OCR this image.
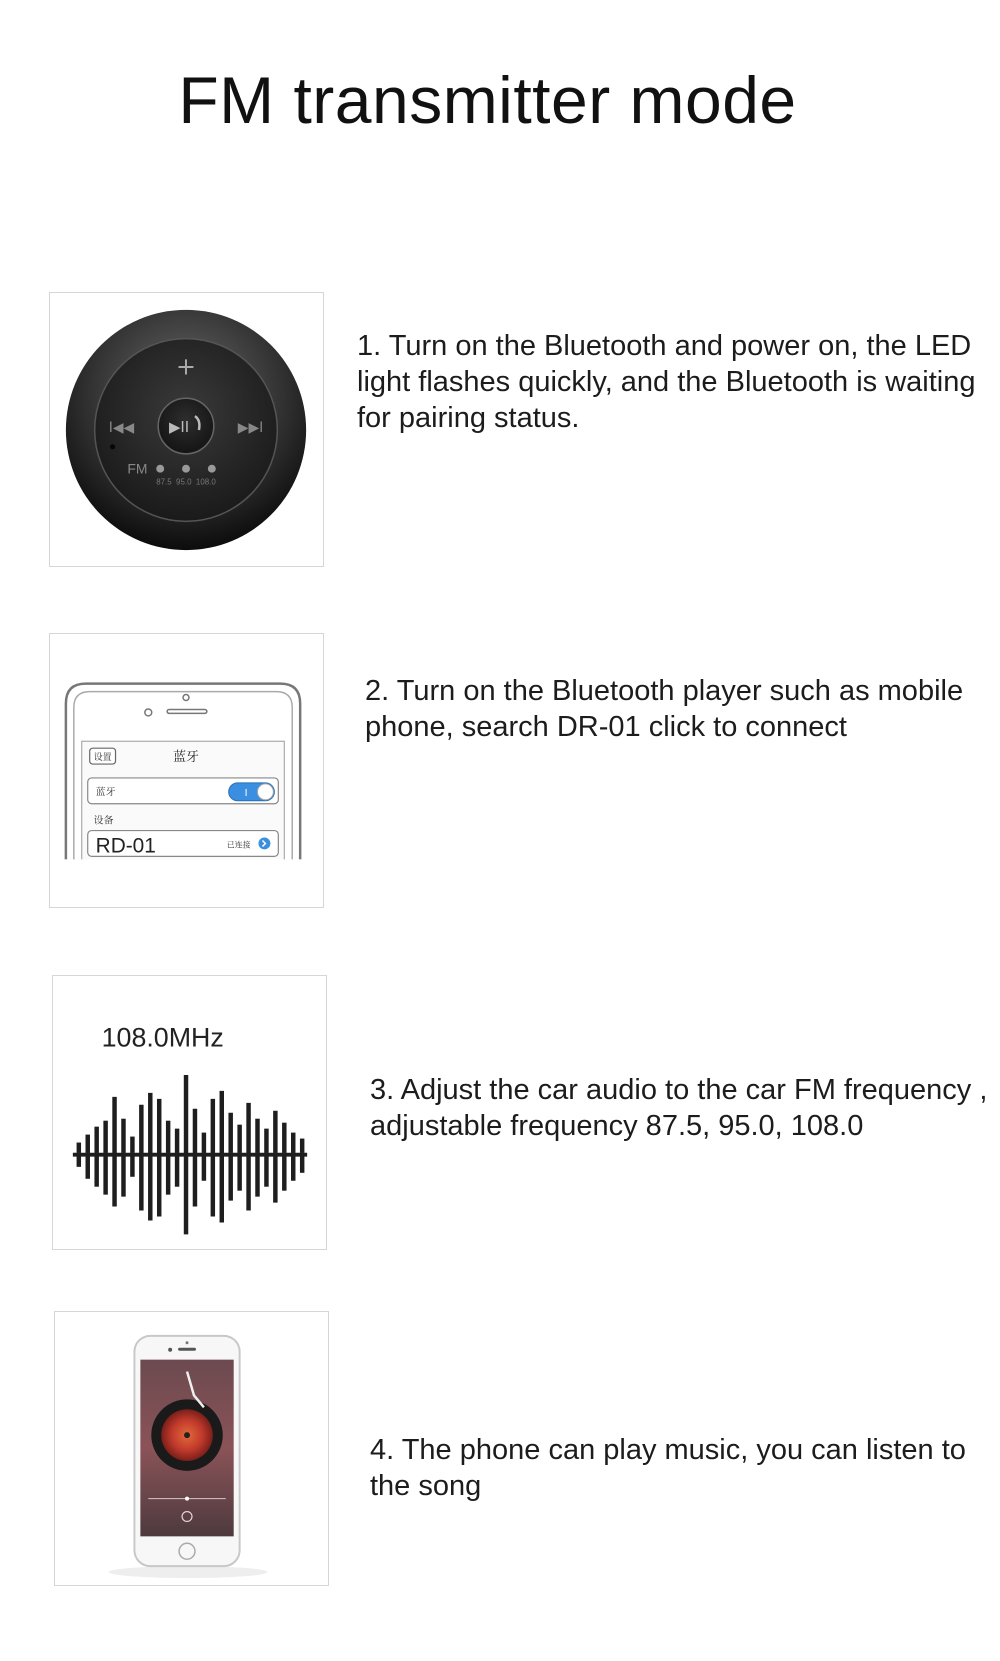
FM transmitter mode
▶II
+
I◀◀	▶▶I
FM
87.5  95.0  108.0

1. Turn on the Bluetooth and power on, the LED light flashes quickly, and the Bluetooth is waiting for pairing status.

设置	蓝牙
蓝牙	I
设备
RD-01	已连接

2. Turn on the Bluetooth player such as mobile phone, search DR-01 click to connect

108.0MHz

3. Adjust the car audio to the car FM frequency , adjustable frequency 87.5, 95.0, 108.0

4. The phone can play music, you can listen to the song
